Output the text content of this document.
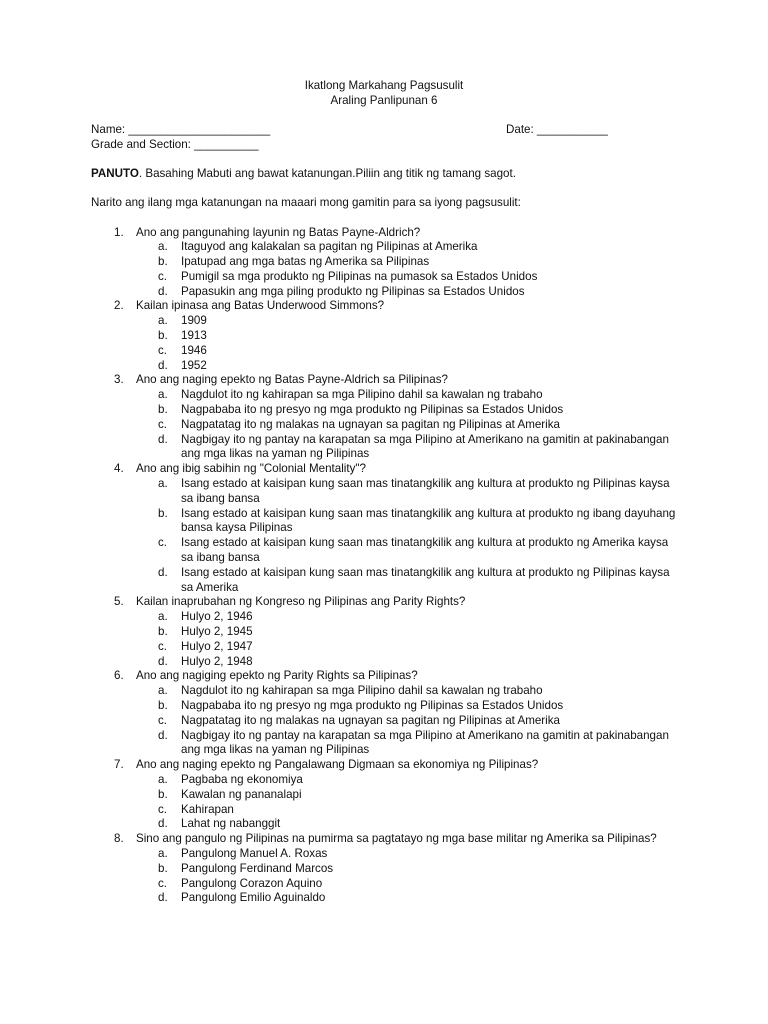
Ikatlong Markahang Pagsusulit
Araling Panlipunan 6
Name: ______________________	Date: ___________
Grade and Section: __________
PANUTO. Basahing Mabuti ang bawat katanungan.Piliin ang titik ng tamang sagot.
Narito ang ilang mga katanungan na maaari mong gamitin para sa iyong pagsusulit:
1.	Ano ang pangunahing layunin ng Batas Payne-Aldrich?
a. Itaguyod ang kalakalan sa pagitan ng Pilipinas at Amerika
b. Ipatupad ang mga batas ng Amerika sa Pilipinas
c. Pumigil sa mga produkto ng Pilipinas na pumasok sa Estados Unidos
d. Papasukin ang mga piling produkto ng Pilipinas sa Estados Unidos
2.	Kailan ipinasa ang Batas Underwood Simmons?
a. 1909
b. 1913
c. 1946
d. 1952
3.	Ano ang naging epekto ng Batas Payne-Aldrich sa Pilipinas?
a. Nagdulot ito ng kahirapan sa mga Pilipino dahil sa kawalan ng trabaho
b. Nagpababa ito ng presyo ng mga produkto ng Pilipinas sa Estados Unidos
c. Nagpatatag ito ng malakas na ugnayan sa pagitan ng Pilipinas at Amerika
d. Nagbigay ito ng pantay na karapatan sa mga Pilipino at Amerikano na gamitin at pakinabangan ang mga likas na yaman ng Pilipinas
4.	Ano ang ibig sabihin ng "Colonial Mentality"?
a. Isang estado at kaisipan kung saan mas tinatangkilik ang kultura at produkto ng Pilipinas kaysa sa ibang bansa
b. Isang estado at kaisipan kung saan mas tinatangkilik ang kultura at produkto ng ibang dayuhang bansa kaysa Pilipinas
c. Isang estado at kaisipan kung saan mas tinatangkilik ang kultura at produkto ng Amerika kaysa sa ibang bansa
d. Isang estado at kaisipan kung saan mas tinatangkilik ang kultura at produkto ng Pilipinas kaysa sa Amerika
5.	Kailan inaprubahan ng Kongreso ng Pilipinas ang Parity Rights?
a. Hulyo 2, 1946
b. Hulyo 2, 1945
c. Hulyo 2, 1947
d. Hulyo 2, 1948
6.	Ano ang nagiging epekto ng Parity Rights sa Pilipinas?
a. Nagdulot ito ng kahirapan sa mga Pilipino dahil sa kawalan ng trabaho
b. Nagpababa ito ng presyo ng mga produkto ng Pilipinas sa Estados Unidos
c. Nagpatatag ito ng malakas na ugnayan sa pagitan ng Pilipinas at Amerika
d. Nagbigay ito ng pantay na karapatan sa mga Pilipino at Amerikano na gamitin at pakinabangan ang mga likas na yaman ng Pilipinas
7.	Ano ang naging epekto ng Pangalawang Digmaan sa ekonomiya ng Pilipinas?
a. Pagbaba ng ekonomiya
b. Kawalan ng pananalapi
c. Kahirapan
d. Lahat ng nabanggit
8.	Sino ang pangulo ng Pilipinas na pumirma sa pagtatayo ng mga base militar ng Amerika sa Pilipinas?
a. Pangulong Manuel A. Roxas
b. Pangulong Ferdinand Marcos
c. Pangulong Corazon Aquino
d. Pangulong Emilio Aguinaldo
